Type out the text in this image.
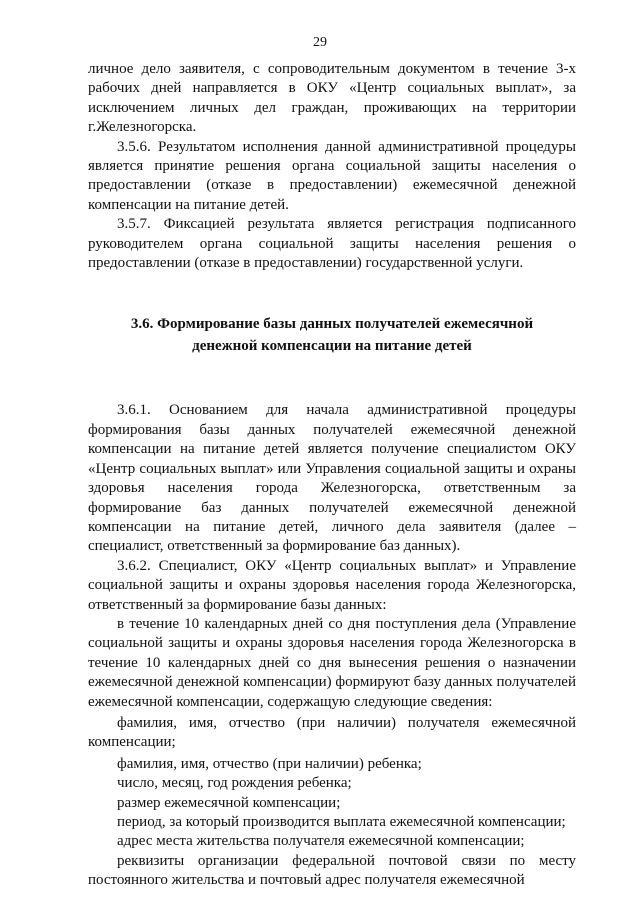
29

личное дело заявителя, с сопроводительным документом в течение 3-х рабочих дней направляется в ОКУ «Центр социальных выплат», за исключением личных дел граждан, проживающих на территории г.Железногорска.

3.5.6. Результатом исполнения данной административной процедуры является принятие решения органа социальной защиты населения о предоставлении (отказе в предоставлении) ежемесячной денежной компенсации на питание детей.

3.5.7. Фиксацией результата является регистрация подписанного руководителем органа социальной защиты населения решения о предоставлении (отказе в предоставлении) государственной услуги.

3.6. Формирование базы данных получателей ежемесячной
денежной компенсации на питание детей

3.6.1. Основанием для начала административной процедуры формирования базы данных получателей ежемесячной денежной компенсации на питание детей является получение специалистом ОКУ «Центр социальных выплат» или Управления социальной защиты и охраны здоровья населения города Железногорска, ответственным за формирование баз данных получателей ежемесячной денежной компенсации на питание детей, личного дела заявителя (далее – специалист, ответственный за формирование баз данных).

3.6.2. Специалист, ОКУ «Центр социальных выплат» и Управление социальной защиты и охраны здоровья населения города Железногорска, ответственный за формирование базы данных:

в течение 10 календарных дней со дня поступления дела (Управление социальной защиты и охраны здоровья населения города Железногорска в течение 10 календарных дней со дня вынесения решения о назначении ежемесячной денежной компенсации) формируют базу данных получателей ежемесячной компенсации, содержащую следующие сведения:

фамилия, имя, отчество (при наличии) получателя ежемесячной компенсации;

фамилия, имя, отчество (при наличии) ребенка;

число, месяц, год рождения ребенка;

размер ежемесячной компенсации;

период, за который производится выплата ежемесячной компенсации;

адрес места жительства получателя ежемесячной компенсации;

реквизиты организации федеральной почтовой связи по месту постоянного жительства и почтовый адрес получателя ежемесячной
